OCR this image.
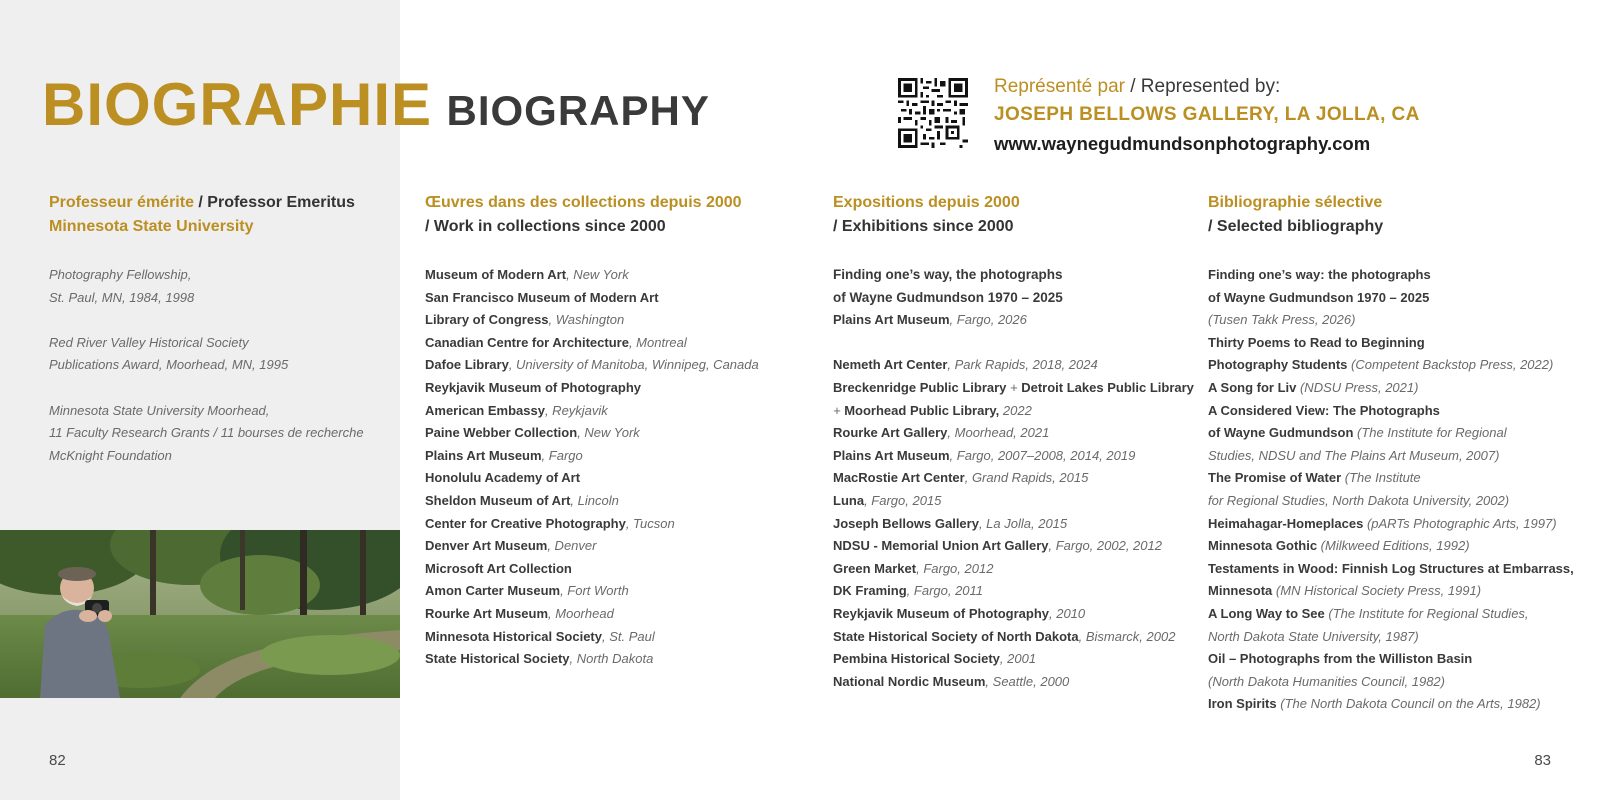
BIOGRAPHIE BIOGRAPHY
Représenté par / Represented by:
JOSEPH BELLOWS GALLERY, LA JOLLA, CA
www.waynegudmundsonphotography.com
Professeur émérite / Professor Emeritus
Minnesota State University
Photography Fellowship,
St. Paul, MN, 1984, 1998
Red River Valley Historical Society
Publications Award, Moorhead, MN, 1995
Minnesota State University Moorhead,
11 Faculty Research Grants / 11 bourses de recherche
McKnight Foundation
Œuvres dans des collections depuis 2000
/ Work in collections since 2000
Museum of Modern Art, New York
San Francisco Museum of Modern Art
Library of Congress, Washington
Canadian Centre for Architecture, Montreal
Dafoe Library, University of Manitoba, Winnipeg, Canada
Reykjavik Museum of Photography
American Embassy, Reykjavik
Paine Webber Collection, New York
Plains Art Museum, Fargo
Honolulu Academy of Art
Sheldon Museum of Art, Lincoln
Center for Creative Photography, Tucson
Denver Art Museum, Denver
Microsoft Art Collection
Amon Carter Museum, Fort Worth
Rourke Art Museum, Moorhead
Minnesota Historical Society, St. Paul
State Historical Society, North Dakota
Expositions depuis 2000
/ Exhibitions since 2000
Finding one’s way, the photographs
of Wayne Gudmundson 1970 – 2025
Plains Art Museum, Fargo, 2026
Nemeth Art Center, Park Rapids, 2018, 2024
Breckenridge Public Library + Detroit Lakes Public Library
+ Moorhead Public Library, 2022
Rourke Art Gallery, Moorhead, 2021
Plains Art Museum, Fargo, 2007–2008, 2014, 2019
MacRostie Art Center, Grand Rapids, 2015
Luna, Fargo, 2015
Joseph Bellows Gallery, La Jolla, 2015
NDSU - Memorial Union Art Gallery, Fargo, 2002, 2012
Green Market, Fargo, 2012
DK Framing, Fargo, 2011
Reykjavik Museum of Photography, 2010
State Historical Society of North Dakota, Bismarck, 2002
Pembina Historical Society, 2001
National Nordic Museum, Seattle, 2000
Bibliographie sélective
/ Selected bibliography
Finding one’s way: the photographs
of Wayne Gudmundson 1970 – 2025
(Tusen Takk Press, 2026)
Thirty Poems to Read to Beginning
Photography Students (Competent Backstop Press, 2022)
A Song for Liv (NDSU Press, 2021)
A Considered View: The Photographs
of Wayne Gudmundson (The Institute for Regional
Studies, NDSU and The Plains Art Museum, 2007)
The Promise of Water (The Institute
for Regional Studies, North Dakota University, 2002)
Heimahagar-Homeplaces (pARTs Photographic Arts, 1997)
Minnesota Gothic (Milkweed Editions, 1992)
Testaments in Wood: Finnish Log Structures at Embarrass,
Minnesota (MN Historical Society Press, 1991)
A Long Way to See (The Institute for Regional Studies,
North Dakota State University, 1987)
Oil – Photographs from the Williston Basin
(North Dakota Humanities Council, 1982)
Iron Spirits (The North Dakota Council on the Arts, 1982)
82	83
